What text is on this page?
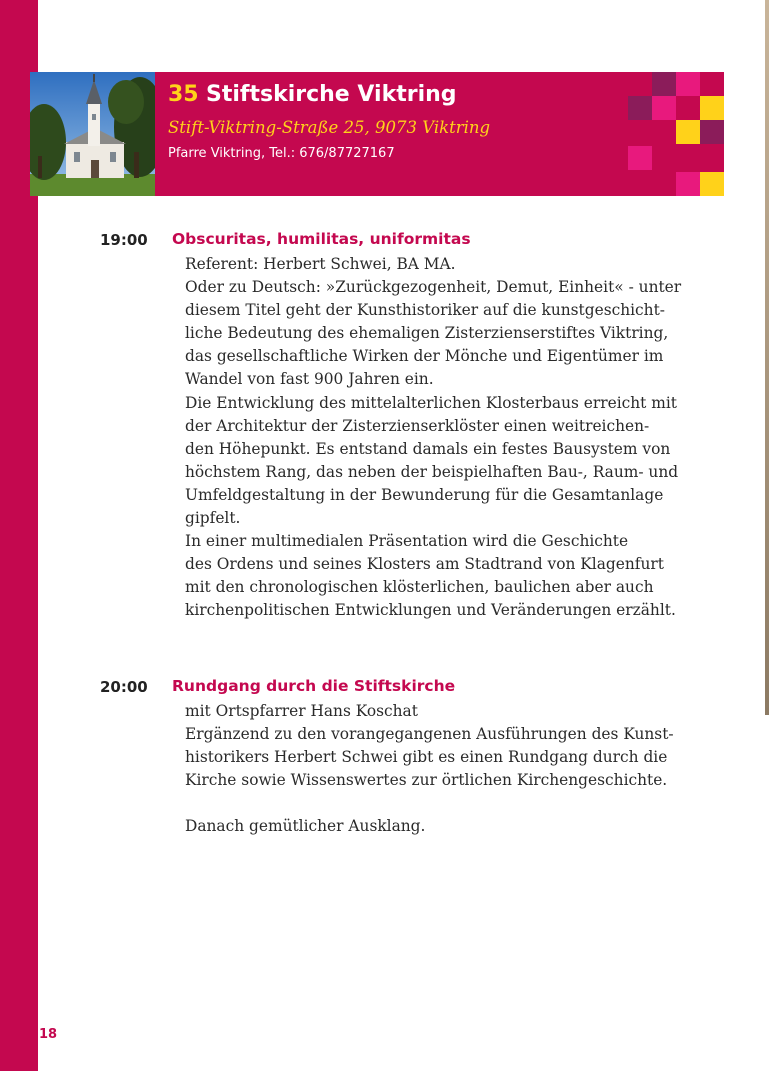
35 Stiftskirche Viktring
Stift-Viktring-Straße 25, 9073 Viktring
Pfarre Viktring, Tel.: 676/87727167
19:00 Obscuritas, humilitas, uniformitas
Referent: Herbert Schwei, BA MA.
Oder zu Deutsch: »Zurückgezogenheit, Demut, Einheit« - unter
diesem Titel geht der Kunsthistoriker auf die kunstgeschicht-
liche Bedeutung des ehemaligen Zisterzienserstiftes Viktring,
das gesellschaftliche Wirken der Mönche und Eigentümer im
Wandel von fast 900 Jahren ein.
Die Entwicklung des mittelalterlichen Klosterbaus erreicht mit
der Architektur der Zisterzienserklöster einen weitreichen-
den Höhepunkt. Es entstand damals ein festes Bausystem von
höchstem Rang, das neben der beispielhaften Bau-, Raum- und
Umfeldgestaltung in der Bewunderung für die Gesamtanlage
gipfelt.
In einer multimedialen Präsentation wird die Geschichte
des Ordens und seines Klosters am Stadtrand von Klagenfurt
mit den chronologischen klösterlichen, baulichen aber auch
kirchenpolitischen Entwicklungen und Veränderungen erzählt.
20:00 Rundgang durch die Stiftskirche
mit Ortspfarrer Hans Koschat
Ergänzend zu den vorangegangenen Ausführungen des Kunst-
historikers Herbert Schwei gibt es einen Rundgang durch die
Kirche sowie Wissenswertes zur örtlichen Kirchengeschichte.
Danach gemütlicher Ausklang.
18
